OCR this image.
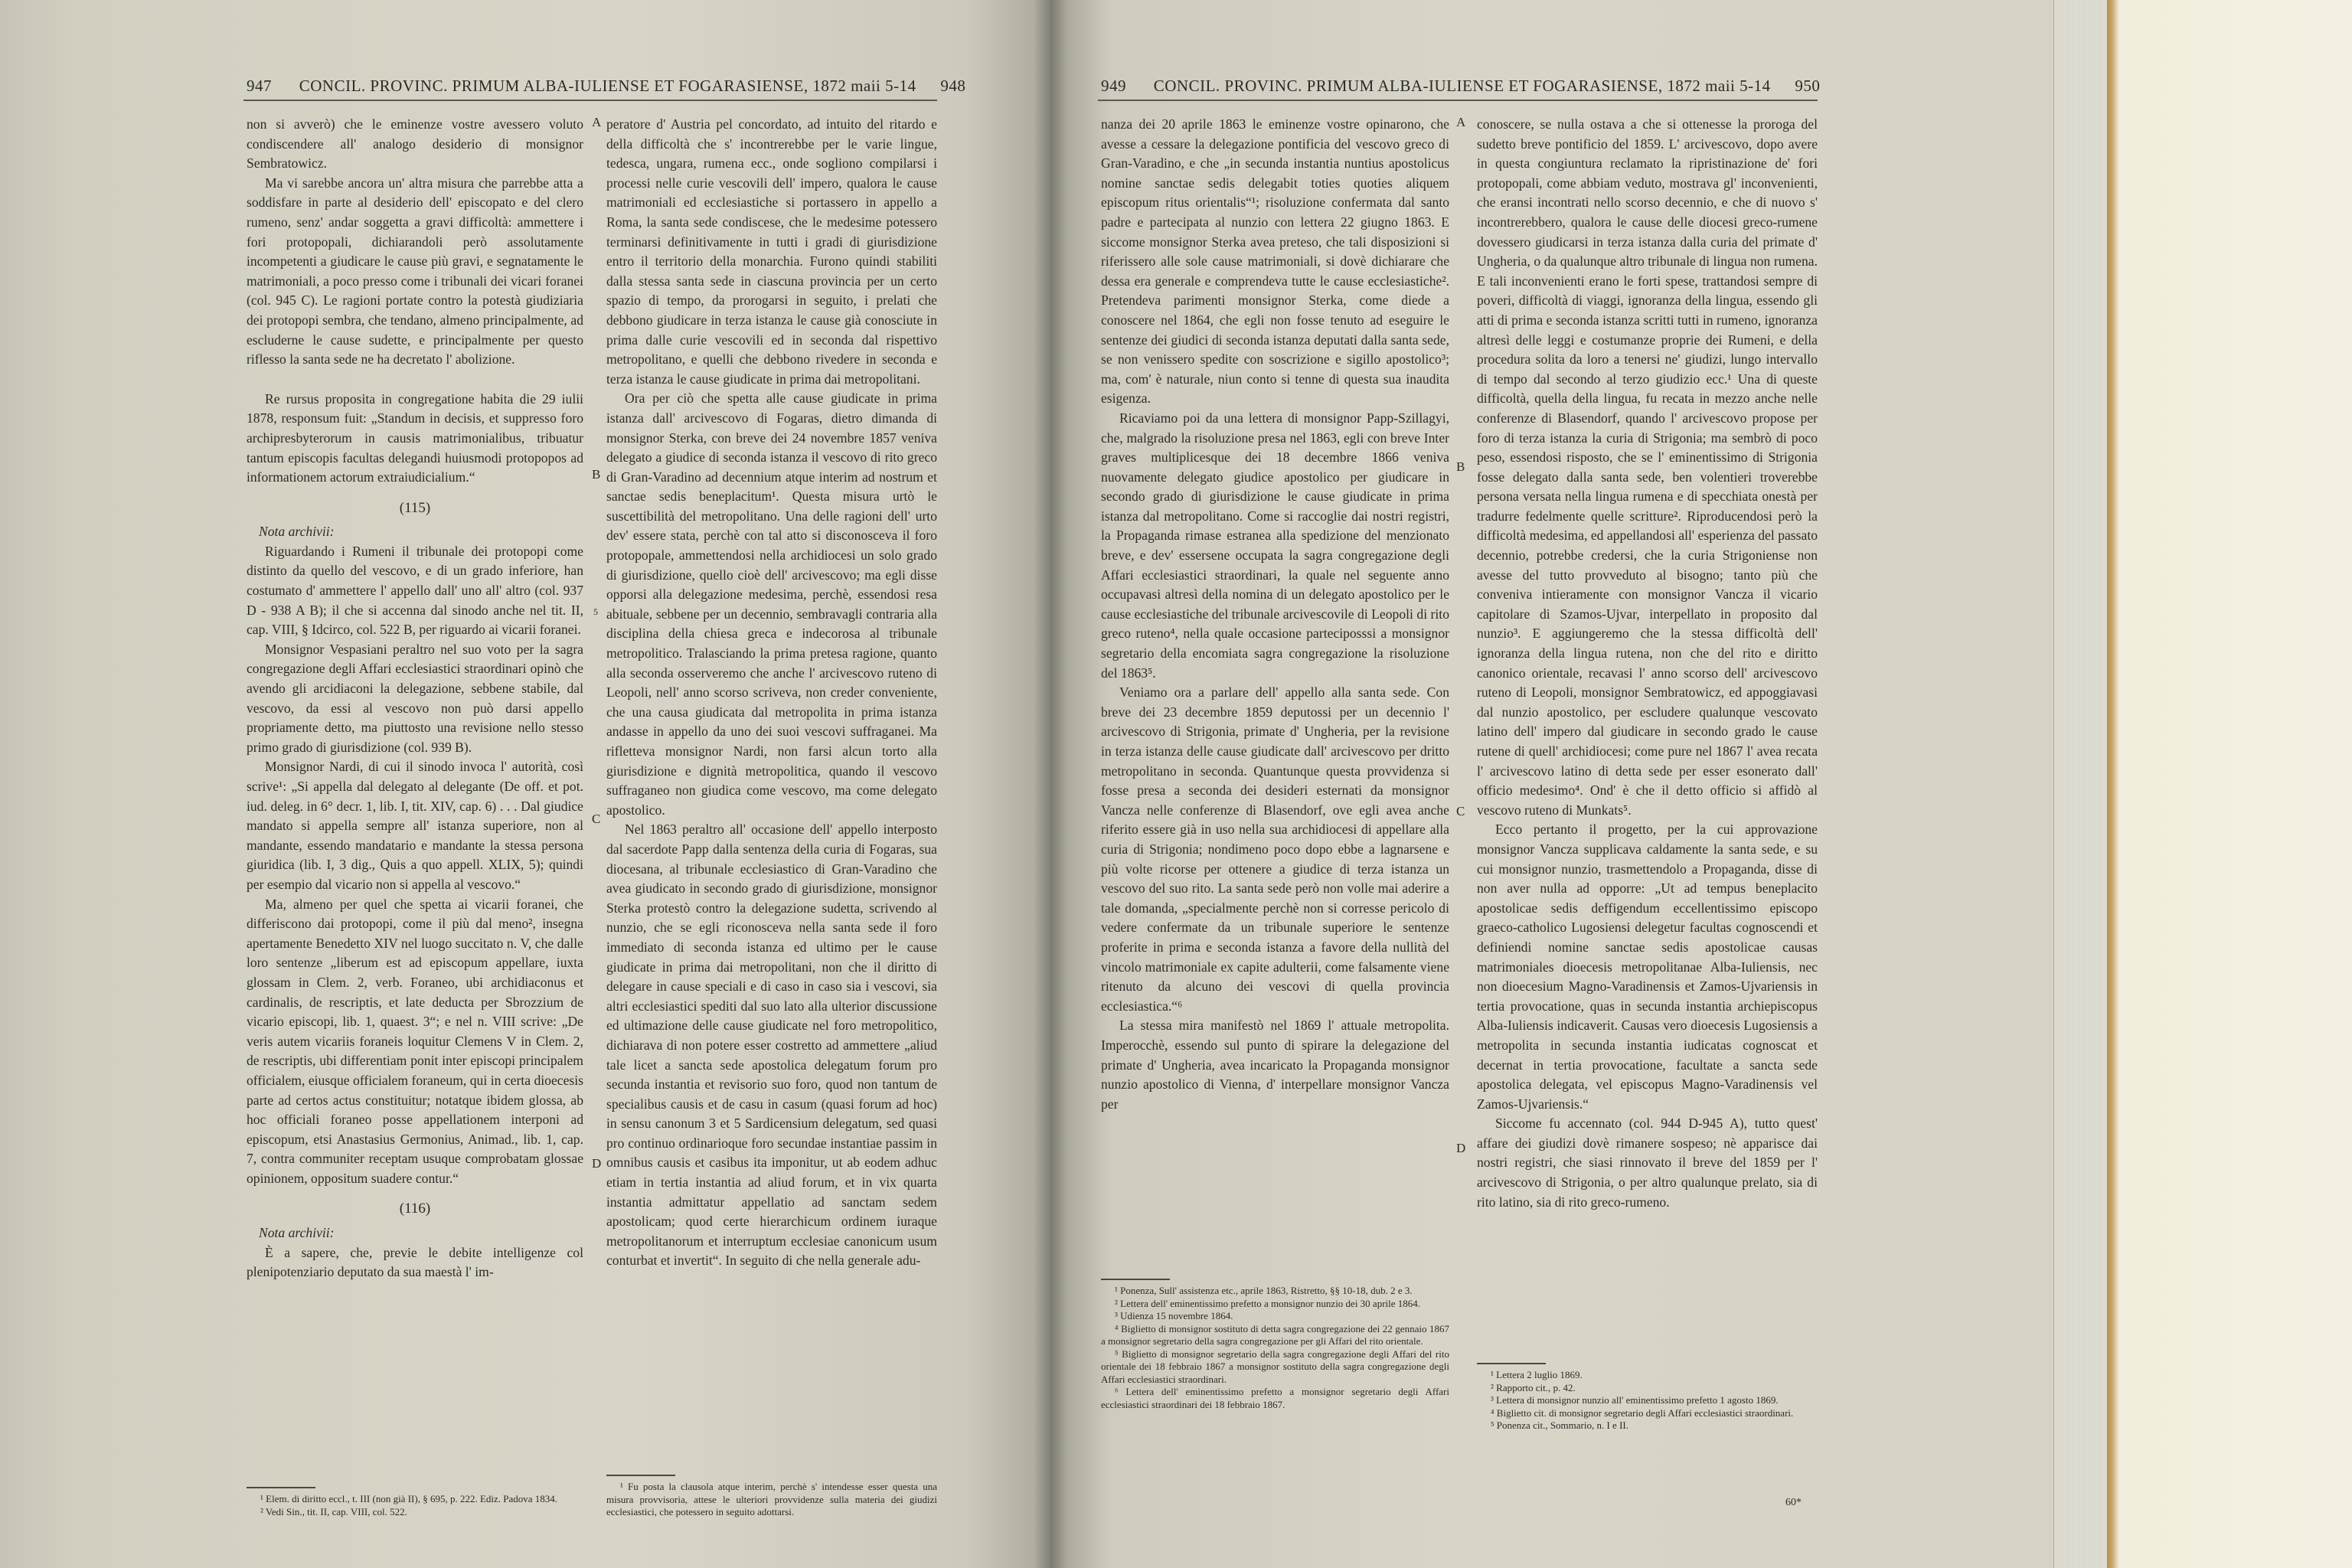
947 CONCIL. PROVINC. PRIMUM ALBA-IULIENSE ET FOGARASIENSE, 1872 maii 5-14 948

non si avverò) che le eminenze vostre avessero voluto condiscendere all' analogo desiderio di monsignor Sembratowicz.

Ma vi sarebbe ancora un' altra misura che parrebbe atta a soddisfare in parte al desiderio dell' episcopato e del clero rumeno, senz' andar soggetta a gravi difficoltà: ammettere i fori protopopali, dichiarandoli però assolutamente incompetenti a giudicare le cause più gravi, e segnatamente le matrimoniali, a poco presso come i tribunali dei vicari foranei (col. 945 C). Le ragioni portate contro la potestà giudiziaria dei protopopi sembra, che tendano, almeno principalmente, ad escluderne le cause sudette, e principalmente per questo riflesso la santa sede ne ha decretato l' abolizione.

Re rursus proposita in congregatione habita die 29 iulii 1878, responsum fuit: „Standum in decisis, et suppresso foro archipresbyterorum in causis matrimonialibus, tribuatur tantum episcopis facultas delegandi huiusmodi protopopos ad informationem actorum extraiudicialium.“

(115)

Nota archivii:

Riguardando i Rumeni il tribunale dei protopopi come distinto da quello del vescovo, e di un grado inferiore, han costumato d' ammettere l' appello dall' uno all' altro (col. 937 D - 938 A B); il che si accenna dal sinodo anche nel tit. II, cap. VIII, § Idcirco, col. 522 B, per riguardo ai vicarii foranei.

Monsignor Vespasiani peraltro nel suo voto per la sagra congregazione degli Affari ecclesiastici straordinari opinò che avendo gli arcidiaconi la delegazione, sebbene stabile, dal vescovo, da essi al vescovo non può darsi appello propriamente detto, ma piuttosto una revisione nello stesso primo grado di giurisdizione (col. 939 B).

Monsignor Nardi, di cui il sinodo invoca l' autorità, così scrive¹: „Si appella dal delegato al delegante (De off. et pot. iud. deleg. in 6° decr. 1, lib. I, tit. XIV, cap. 6) . . . Dal giudice mandato si appella sempre all' istanza superiore, non al mandante, essendo mandatario e mandante la stessa persona giuridica (lib. I, 3 dig., Quis a quo appell. XLIX, 5); quindi per esempio dal vicario non si appella al vescovo.“

Ma, almeno per quel che spetta ai vicarii foranei, che differiscono dai protopopi, come il più dal meno², insegna apertamente Benedetto XIV nel luogo succitato n. V, che dalle loro sentenze „liberum est ad episcopum appellare, iuxta glossam in Clem. 2, verb. Foraneo, ubi archidiaconus et cardinalis, de rescriptis, et late deducta per Sbrozzium de vicario episcopi, lib. 1, quaest. 3“; e nel n. VIII scrive: „De veris autem vicariis foraneis loquitur Clemens V in Clem. 2, de rescriptis, ubi differentiam ponit inter episcopi principalem officialem, eiusque officialem foraneum, qui in certa dioecesis parte ad certos actus constituitur; notatque ibidem glossa, ab hoc officiali foraneo posse appellationem interponi ad episcopum, etsi Anastasius Germonius, Animad., lib. 1, cap. 7, contra communiter receptam usuque comprobatam glossae opinionem, oppositum suadere contur.“

(116)

Nota archivii:

È a sapere, che, previe le debite intelligenze col plenipotenziario deputato da sua maestà l' im-

peratore d' Austria pel concordato, ad intuito del ritardo e della difficoltà che s' incontrerebbe per le varie lingue, tedesca, ungara, rumena ecc., onde sogliono compilarsi i processi nelle curie vescovili dell' impero, qualora le cause matrimoniali ed ecclesiastiche si portassero in appello a Roma, la santa sede condiscese, che le medesime potessero terminarsi definitivamente in tutti i gradi di giurisdizione entro il territorio della monarchia. Furono quindi stabiliti dalla stessa santa sede in ciascuna provincia per un certo spazio di tempo, da prorogarsi in seguito, i prelati che debbono giudicare in terza istanza le cause già conosciute in prima dalle curie vescovili ed in seconda dal rispettivo metropolitano, e quelli che debbono rivedere in seconda e terza istanza le cause giudicate in prima dai metropolitani.

Ora per ciò che spetta alle cause giudicate in prima istanza dall' arcivescovo di Fogaras, dietro dimanda di monsignor Sterka, con breve dei 24 novembre 1857 veniva delegato a giudice di seconda istanza il vescovo di rito greco di Gran-Varadino ad decennium atque interim ad nostrum et sanctae sedis beneplacitum¹. Questa misura urtò le suscettibilità del metropolitano. Una delle ragioni dell' urto dev' essere stata, perchè con tal atto si disconosceva il foro protopopale, ammettendosi nella archidiocesi un solo grado di giurisdizione, quello cioè dell' arcivescovo; ma egli disse opporsi alla delegazione medesima, perchè, essendosi resa abituale, sebbene per un decennio, sembravagli contraria alla disciplina della chiesa greca e indecorosa al tribunale metropolitico. Tralasciando la prima pretesa ragione, quanto alla seconda osserveremo che anche l' arcivescovo ruteno di Leopoli, nell' anno scorso scriveva, non creder conveniente, che una causa giudicata dal metropolita in prima istanza andasse in appello da uno dei suoi vescovi suffraganei. Ma rifletteva monsignor Nardi, non farsi alcun torto alla giurisdizione e dignità metropolitica, quando il vescovo suffraganeo non giudica come vescovo, ma come delegato apostolico.

Nel 1863 peraltro all' occasione dell' appello interposto dal sacerdote Papp dalla sentenza della curia di Fogaras, sua diocesana, al tribunale ecclesiastico di Gran-Varadino che avea giudicato in secondo grado di giurisdizione, monsignor Sterka protestò contro la delegazione sudetta, scrivendo al nunzio, che se egli riconosceva nella santa sede il foro immediato di seconda istanza ed ultimo per le cause giudicate in prima dai metropolitani, non che il diritto di delegare in cause speciali e di caso in caso sia i vescovi, sia altri ecclesiastici spediti dal suo lato alla ulterior discussione ed ultimazione delle cause giudicate nel foro metropolitico, dichiarava di non potere esser costretto ad ammettere „aliud tale licet a sancta sede apostolica delegatum forum pro secunda instantia et revisorio suo foro, quod non tantum de specialibus causis et de casu in casum (quasi forum ad hoc) in sensu canonum 3 et 5 Sardicensium delegatum, sed quasi pro continuo ordinarioque foro secundae instantiae passim in omnibus causis et casibus ita imponitur, ut ab eodem adhuc etiam in tertia instantia ad aliud forum, et in vix quarta instantia admittatur appellatio ad sanctam sedem apostolicam; quod certe hierarchicum ordinem iuraque metropolitanorum et interruptum ecclesiae canonicum usum conturbat et invertit“. In seguito di che nella generale adu-

¹ Elem. di diritto eccl., t. III (non già II), § 695, p. 222. Ediz. Padova 1834.

² Vedi Sin., tit. II, cap. VIII, col. 522.

¹ Fu posta la clausola atque interim, perchè s' intendesse esser questa una misura provvisoria, attese le ulteriori provvidenze sulla materia dei giudizi ecclesiastici, che potessero in seguito adottarsi.

A
B
C
D
5
949 CONCIL. PROVINC. PRIMUM ALBA-IULIENSE ET FOGARASIENSE, 1872 maii 5-14 950

nanza dei 20 aprile 1863 le eminenze vostre opinarono, che avesse a cessare la delegazione pontificia del vescovo greco di Gran-Varadino, e che „in secunda instantia nuntius apostolicus nomine sanctae sedis delegabit toties quoties aliquem episcopum ritus orientalis“¹; risoluzione confermata dal santo padre e partecipata al nunzio con lettera 22 giugno 1863. E siccome monsignor Sterka avea preteso, che tali disposizioni si riferissero alle sole cause matrimoniali, si dovè dichiarare che dessa era generale e comprendeva tutte le cause ecclesiastiche². Pretendeva parimenti monsignor Sterka, come diede a conoscere nel 1864, che egli non fosse tenuto ad eseguire le sentenze dei giudici di seconda istanza deputati dalla santa sede, se non venissero spedite con soscrizione e sigillo apostolico³; ma, com' è naturale, niun conto si tenne di questa sua inaudita esigenza.

Ricaviamo poi da una lettera di monsignor Papp-Szillagyi, che, malgrado la risoluzione presa nel 1863, egli con breve Inter graves multiplicesque dei 18 decembre 1866 veniva nuovamente delegato giudice apostolico per giudicare in secondo grado di giurisdizione le cause giudicate in prima istanza dal metropolitano. Come si raccoglie dai nostri registri, la Propaganda rimase estranea alla spedizione del menzionato breve, e dev' essersene occupata la sagra congregazione degli Affari ecclesiastici straordinari, la quale nel seguente anno occupavasi altresì della nomina di un delegato apostolico per le cause ecclesiastiche del tribunale arcivescovile di Leopoli di rito greco ruteno⁴, nella quale occasione parteciposssi a monsignor segretario della encomiata sagra congregazione la risoluzione del 1863⁵.

Veniamo ora a parlare dell' appello alla santa sede. Con breve dei 23 decembre 1859 deputossi per un decennio l' arcivescovo di Strigonia, primate d' Ungheria, per la revisione in terza istanza delle cause giudicate dall' arcivescovo per dritto metropolitano in seconda. Quantunque questa provvidenza si fosse presa a seconda dei desideri esternati da monsignor Vancza nelle conferenze di Blasendorf, ove egli avea anche riferito essere già in uso nella sua archidiocesi di appellare alla curia di Strigonia; nondimeno poco dopo ebbe a lagnarsene e più volte ricorse per ottenere a giudice di terza istanza un vescovo del suo rito. La santa sede però non volle mai aderire a tale domanda, „specialmente perchè non si corresse pericolo di vedere confermate da un tribunale superiore le sentenze proferite in prima e seconda istanza a favore della nullità del vincolo matrimoniale ex capite adulterii, come falsamente viene ritenuto da alcuno dei vescovi di quella provincia ecclesiastica.“⁶

La stessa mira manifestò nel 1869 l' attuale metropolita. Imperocchè, essendo sul punto di spirare la delegazione del primate d' Ungheria, avea incaricato la Propaganda monsignor nunzio apostolico di Vienna, d' interpellare monsignor Vancza per

conoscere, se nulla ostava a che si ottenesse la proroga del sudetto breve pontificio del 1859. L' arcivescovo, dopo avere in questa congiuntura reclamato la ripristinazione de' fori protopopali, come abbiam veduto, mostrava gl' inconvenienti, che eransi incontrati nello scorso decennio, e che di nuovo s' incontrerebbero, qualora le cause delle diocesi greco-rumene dovessero giudicarsi in terza istanza dalla curia del primate d' Ungheria, o da qualunque altro tribunale di lingua non rumena. E tali inconvenienti erano le forti spese, trattandosi sempre di poveri, difficoltà di viaggi, ignoranza della lingua, essendo gli atti di prima e seconda istanza scritti tutti in rumeno, ignoranza altresì delle leggi e costumanze proprie dei Rumeni, e della procedura solita da loro a tenersi ne' giudizi, lungo intervallo di tempo dal secondo al terzo giudizio ecc.¹ Una di queste difficoltà, quella della lingua, fu recata in mezzo anche nelle conferenze di Blasendorf, quando l' arcivescovo propose per foro di terza istanza la curia di Strigonia; ma sembrò di poco peso, essendosi risposto, che se l' eminentissimo di Strigonia fosse delegato dalla santa sede, ben volentieri troverebbe persona versata nella lingua rumena e di specchiata onestà per tradurre fedelmente quelle scritture². Riproducendosi però la difficoltà medesima, ed appellandosi all' esperienza del passato decennio, potrebbe credersi, che la curia Strigoniense non avesse del tutto provveduto al bisogno; tanto più che conveniva intieramente con monsignor Vancza il vicario capitolare di Szamos-Ujvar, interpellato in proposito dal nunzio³. E aggiungeremo che la stessa difficoltà dell' ignoranza della lingua rutena, non che del rito e diritto canonico orientale, recavasi l' anno scorso dell' arcivescovo ruteno di Leopoli, monsignor Sembratowicz, ed appoggiavasi dal nunzio apostolico, per escludere qualunque vescovato latino dell' impero dal giudicare in secondo grado le cause rutene di quell' archidiocesi; come pure nel 1867 l' avea recata l' arcivescovo latino di detta sede per esser esonerato dall' officio medesimo⁴. Ond' è che il detto officio si affidò al vescovo ruteno di Munkats⁵.

Ecco pertanto il progetto, per la cui approvazione monsignor Vancza supplicava caldamente la santa sede, e su cui monsignor nunzio, trasmettendolo a Propaganda, disse di non aver nulla ad opporre: „Ut ad tempus beneplacito apostolicae sedis deffigendum eccellentissimo episcopo graeco-catholico Lugosiensi delegetur facultas cognoscendi et definiendi nomine sanctae sedis apostolicae causas matrimoniales dioecesis metropolitanae Alba-Iuliensis, nec non dioecesium Magno-Varadinensis et Zamos-Ujvariensis in tertia provocatione, quas in secunda instantia archiepiscopus Alba-Iuliensis indicaverit. Causas vero dioecesis Lugosiensis a metropolita in secunda instantia iudicatas cognoscat et decernat in tertia provocatione, facultate a sancta sede apostolica delegata, vel episcopus Magno-Varadinensis vel Zamos-Ujvariensis.“

Siccome fu accennato (col. 944 D-945 A), tutto quest' affare dei giudizi dovè rimanere sospeso; nè apparisce dai nostri registri, che siasi rinnovato il breve del 1859 per l' arcivescovo di Strigonia, o per altro qualunque prelato, sia di rito latino, sia di rito greco-rumeno.

¹ Ponenza, Sull' assistenza etc., aprile 1863, Ristretto, §§ 10-18, dub. 2 e 3.

² Lettera dell' eminentissimo prefetto a monsignor nunzio dei 30 aprile 1864.

³ Udienza 15 novembre 1864.

⁴ Biglietto di monsignor sostituto di detta sagra congregazione dei 22 gennaio 1867 a monsignor segretario della sagra congregazione per gli Affari del rito orientale.

⁵ Biglietto di monsignor segretario della sagra congregazione degli Affari del rito orientale dei 18 febbraio 1867 a monsignor sostituto della sagra congregazione degli Affari ecclesiastici straordinari.

⁶ Lettera dell' eminentissimo prefetto a monsignor segretario degli Affari ecclesiastici straordinari dei 18 febbraio 1867.

¹ Lettera 2 luglio 1869.

² Rapporto cit., p. 42.

³ Lettera di monsignor nunzio all' eminentissimo prefetto 1 agosto 1869.

⁴ Biglietto cit. di monsignor segretario degli Affari ecclesiastici straordinari.

⁵ Ponenza cit., Sommario, n. I e II.

A
B
C
D
60*
